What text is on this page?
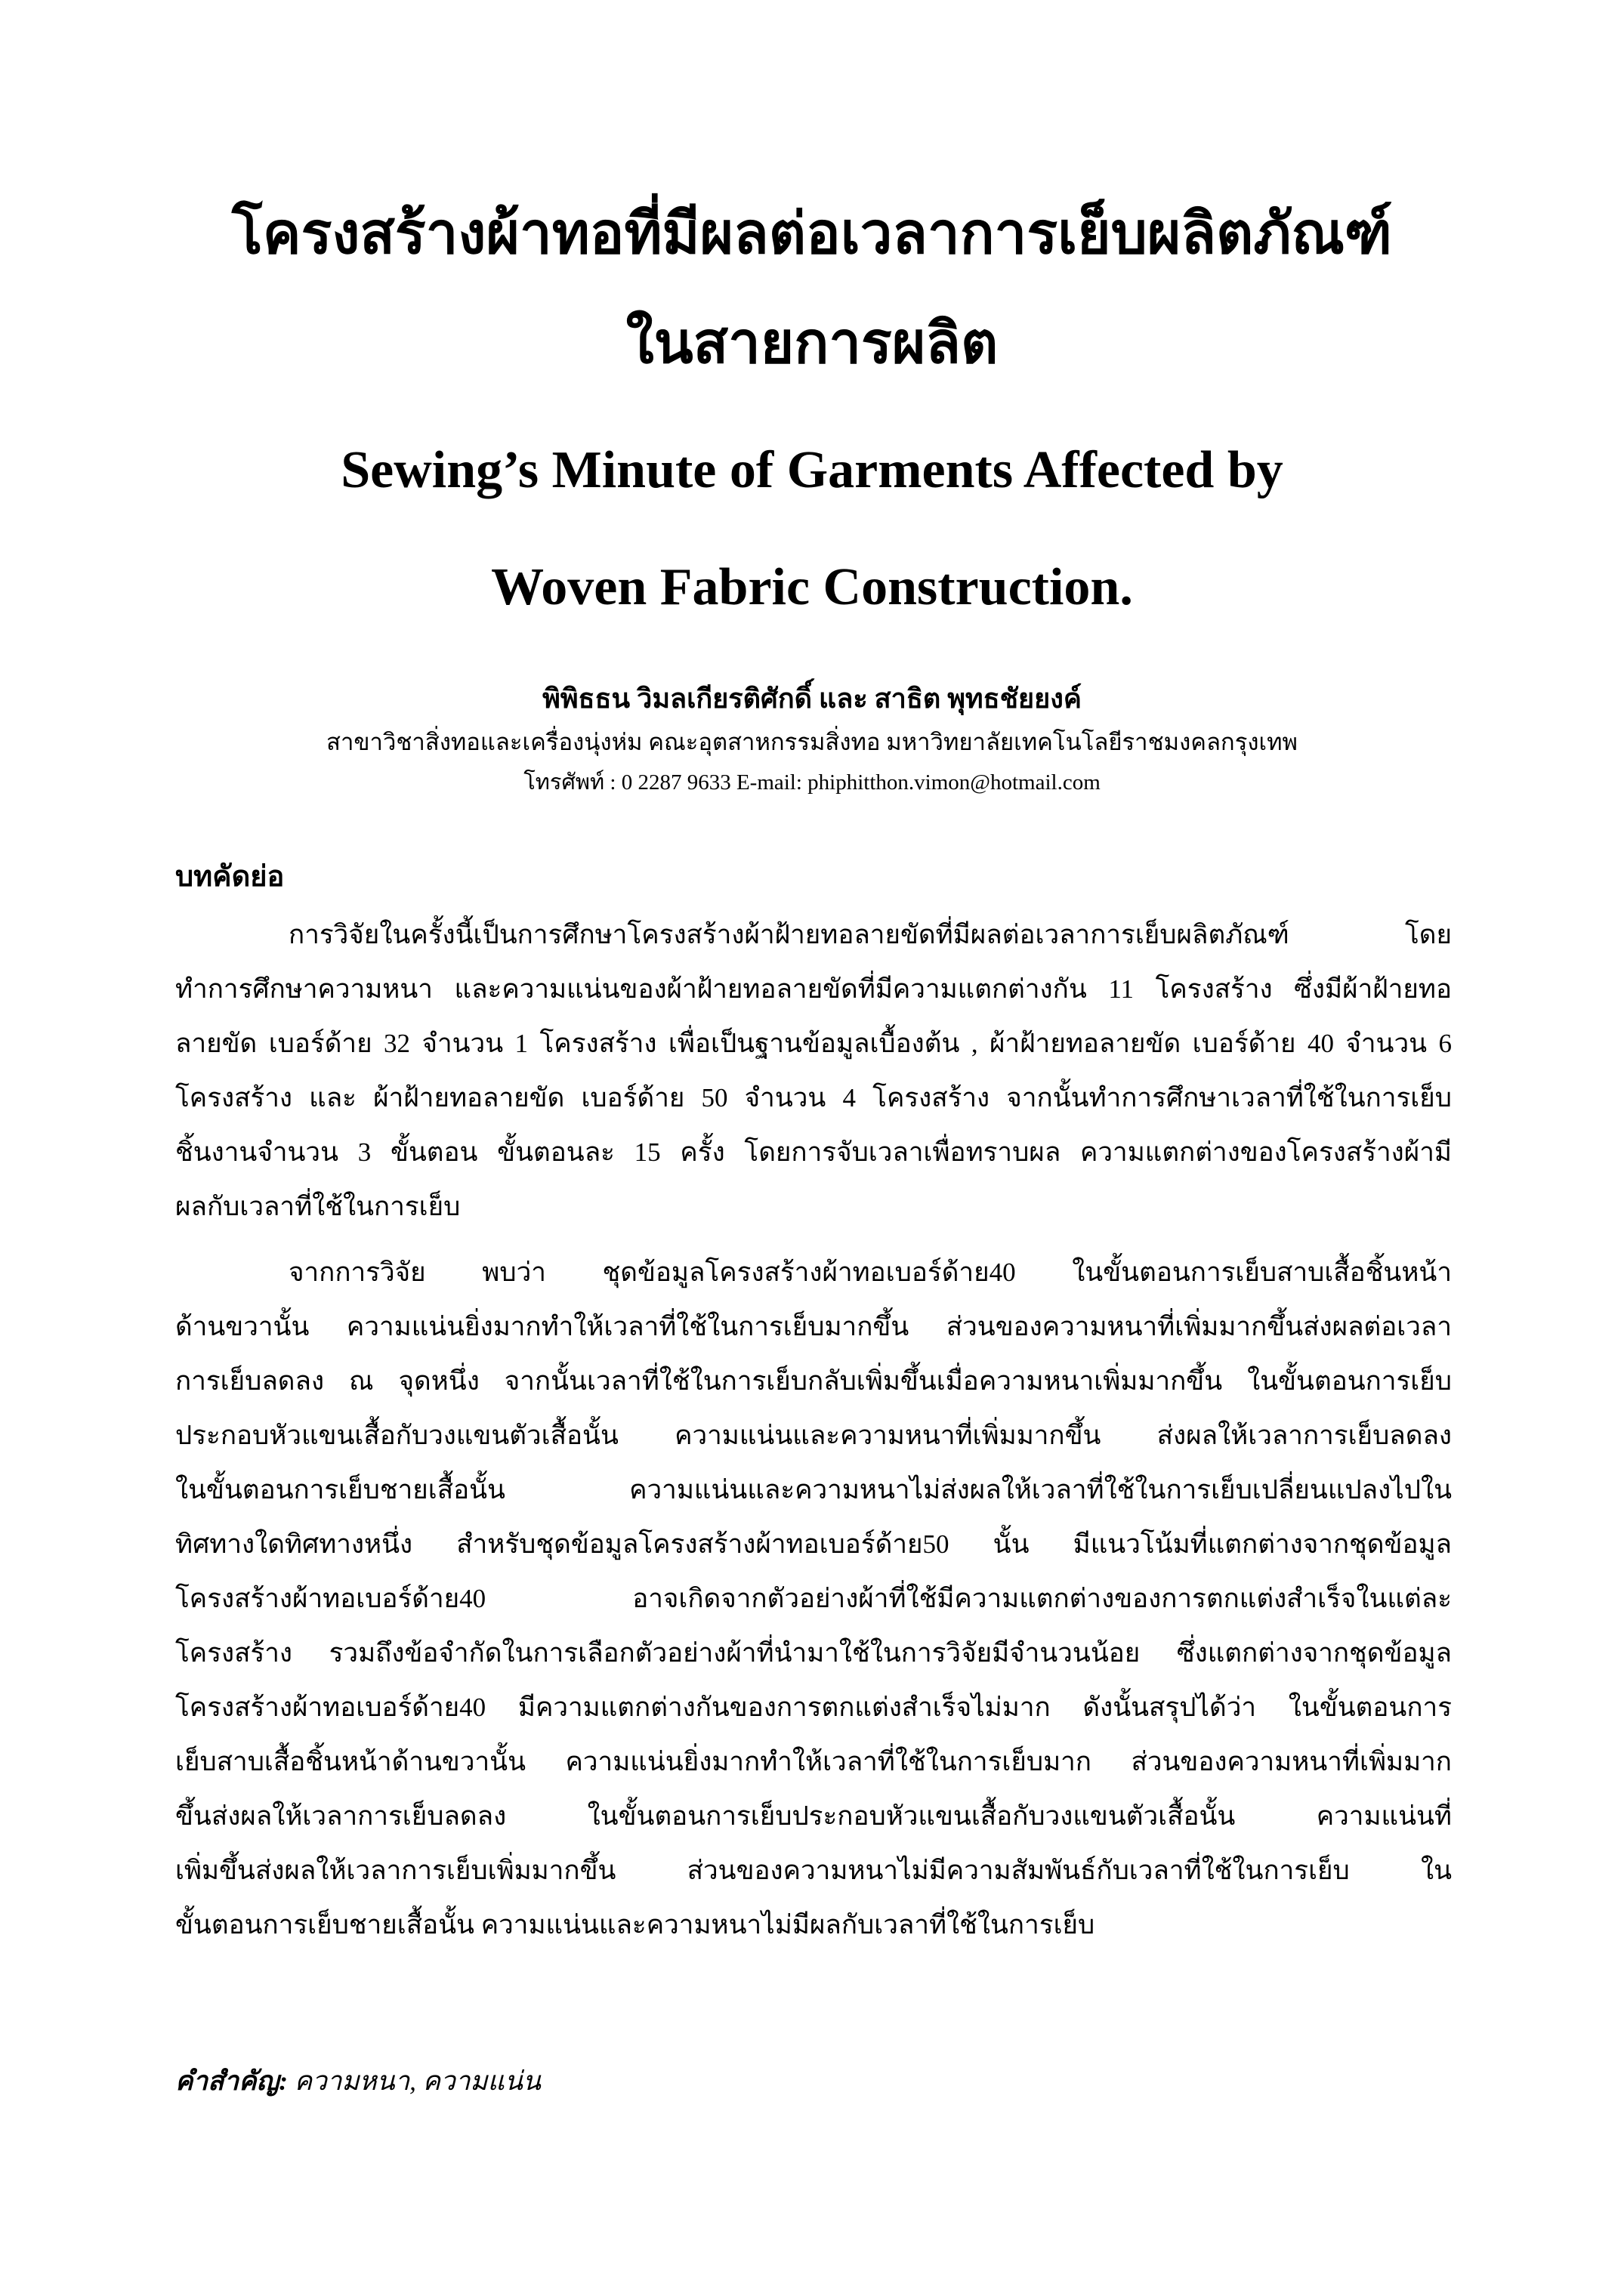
โครงสร้างผ้าทอที่มีผลต่อเวลาการเย็บผลิตภัณฑ์
ในสายการผลิต
Sewing’s Minute of Garments Affected by
Woven Fabric Construction.
พิพิธธน วิมลเกียรติศักดิ์ และ สาธิต พุทธชัยยงค์
สาขาวิชาสิ่งทอและเครื่องนุ่งห่ม คณะอุตสาหกรรมสิ่งทอ มหาวิทยาลัยเทคโนโลยีราชมงคลกรุงเทพ
โทรศัพท์ : 0 2287 9633 E-mail: phiphitthon.vimon@hotmail.com
บทคัดย่อ
การวิจัยในครั้งนี้เป็นการศึกษาโครงสร้างผ้าฝ้ายทอลายขัดที่มีผลต่อเวลาการเย็บผลิตภัณฑ์ โดย
ทำการศึกษาความหนา และความแน่นของผ้าฝ้ายทอลายขัดที่มีความแตกต่างกัน 11 โครงสร้าง ซึ่งมีผ้าฝ้ายทอ
ลายขัด เบอร์ด้าย 32 จำนวน 1 โครงสร้าง เพื่อเป็นฐานข้อมูลเบื้องต้น , ผ้าฝ้ายทอลายขัด เบอร์ด้าย 40 จำนวน 6
โครงสร้าง และ ผ้าฝ้ายทอลายขัด เบอร์ด้าย 50 จำนวน 4 โครงสร้าง จากนั้นทำการศึกษาเวลาที่ใช้ในการเย็บ
ชิ้นงานจำนวน 3 ขั้นตอน ขั้นตอนละ 15 ครั้ง โดยการจับเวลาเพื่อทราบผล ความแตกต่างของโครงสร้างผ้ามี
ผลกับเวลาที่ใช้ในการเย็บ
จากการวิจัย พบว่า ชุดข้อมูลโครงสร้างผ้าทอเบอร์ด้าย40 ในขั้นตอนการเย็บสาบเสื้อชิ้นหน้า
ด้านขวานั้น ความแน่นยิ่งมากทำให้เวลาที่ใช้ในการเย็บมากขึ้น ส่วนของความหนาที่เพิ่มมากขึ้นส่งผลต่อเวลา
การเย็บลดลง ณ จุดหนึ่ง จากนั้นเวลาที่ใช้ในการเย็บกลับเพิ่มขึ้นเมื่อความหนาเพิ่มมากขึ้น ในขั้นตอนการเย็บ
ประกอบหัวแขนเสื้อกับวงแขนตัวเสื้อนั้น ความแน่นและความหนาที่เพิ่มมากขึ้น ส่งผลให้เวลาการเย็บลดลง
ในขั้นตอนการเย็บชายเสื้อนั้น ความแน่นและความหนาไม่ส่งผลให้เวลาที่ใช้ในการเย็บเปลี่ยนแปลงไปใน
ทิศทางใดทิศทางหนึ่ง สำหรับชุดข้อมูลโครงสร้างผ้าทอเบอร์ด้าย50 นั้น มีแนวโน้มที่แตกต่างจากชุดข้อมูล
โครงสร้างผ้าทอเบอร์ด้าย40 อาจเกิดจากตัวอย่างผ้าที่ใช้มีความแตกต่างของการตกแต่งสำเร็จในแต่ละ
โครงสร้าง รวมถึงข้อจำกัดในการเลือกตัวอย่างผ้าที่นำมาใช้ในการวิจัยมีจำนวนน้อย ซึ่งแตกต่างจากชุดข้อมูล
โครงสร้างผ้าทอเบอร์ด้าย40 มีความแตกต่างกันของการตกแต่งสำเร็จไม่มาก ดังนั้นสรุปได้ว่า ในขั้นตอนการ
เย็บสาบเสื้อชิ้นหน้าด้านขวานั้น ความแน่นยิ่งมากทำให้เวลาที่ใช้ในการเย็บมาก ส่วนของความหนาที่เพิ่มมาก
ขึ้นส่งผลให้เวลาการเย็บลดลง ในขั้นตอนการเย็บประกอบหัวแขนเสื้อกับวงแขนตัวเสื้อนั้น ความแน่นที่
เพิ่มขึ้นส่งผลให้เวลาการเย็บเพิ่มมากขึ้น ส่วนของความหนาไม่มีความสัมพันธ์กับเวลาที่ใช้ในการเย็บ ใน
ขั้นตอนการเย็บชายเสื้อนั้น ความแน่นและความหนาไม่มีผลกับเวลาที่ใช้ในการเย็บ
คำสำคัญ: ความหนา, ความแน่น
